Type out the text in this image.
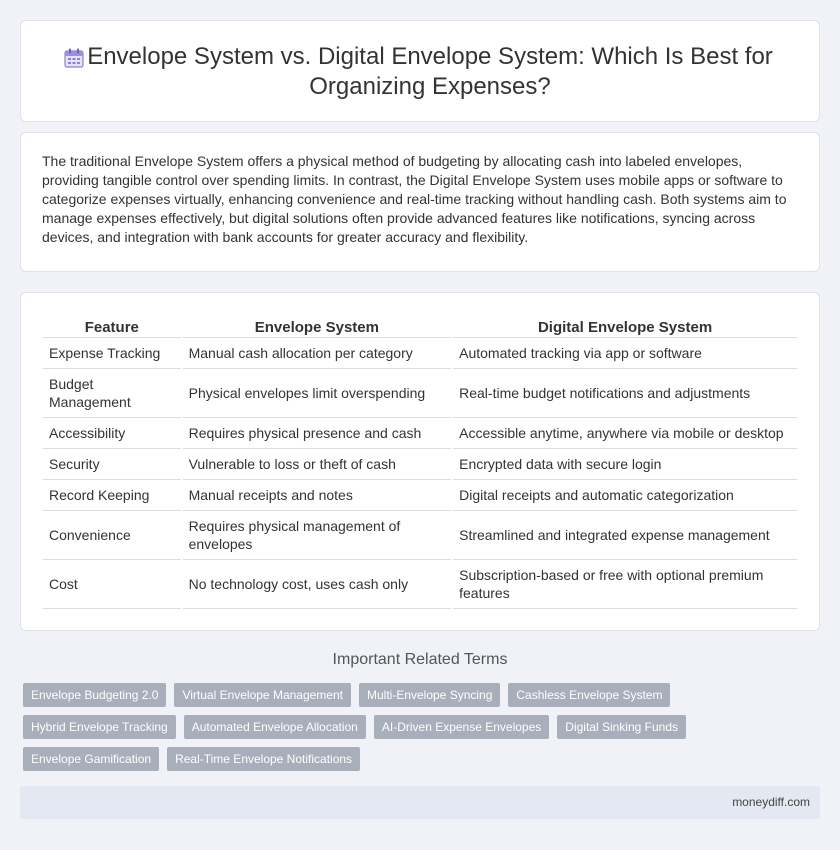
Envelope System vs. Digital Envelope System: Which Is Best for Organizing Expenses?

The traditional Envelope System offers a physical method of budgeting by allocating cash into labeled envelopes, providing tangible control over spending limits. In contrast, the Digital Envelope System uses mobile apps or software to categorize expenses virtually, enhancing convenience and real-time tracking without handling cash. Both systems aim to manage expenses effectively, but digital solutions often provide advanced features like notifications, syncing across devices, and integration with bank accounts for greater accuracy and flexibility.

Feature	Envelope System	Digital Envelope System
Expense Tracking	Manual cash allocation per category	Automated tracking via app or software
Budget Management	Physical envelopes limit overspending	Real-time budget notifications and adjustments
Accessibility	Requires physical presence and cash	Accessible anytime, anywhere via mobile or desktop
Security	Vulnerable to loss or theft of cash	Encrypted data with secure login
Record Keeping	Manual receipts and notes	Digital receipts and automatic categorization
Convenience	Requires physical management of envelopes	Streamlined and integrated expense management
Cost	No technology cost, uses cash only	Subscription-based or free with optional premium features
Important Related Terms
Envelope Budgeting 2.0	Virtual Envelope Management	Multi-Envelope Syncing	Cashless Envelope System
Hybrid Envelope Tracking	Automated Envelope Allocation	AI-Driven Expense Envelopes	Digital Sinking Funds
Envelope Gamification	Real-Time Envelope Notifications
moneydiff.com
